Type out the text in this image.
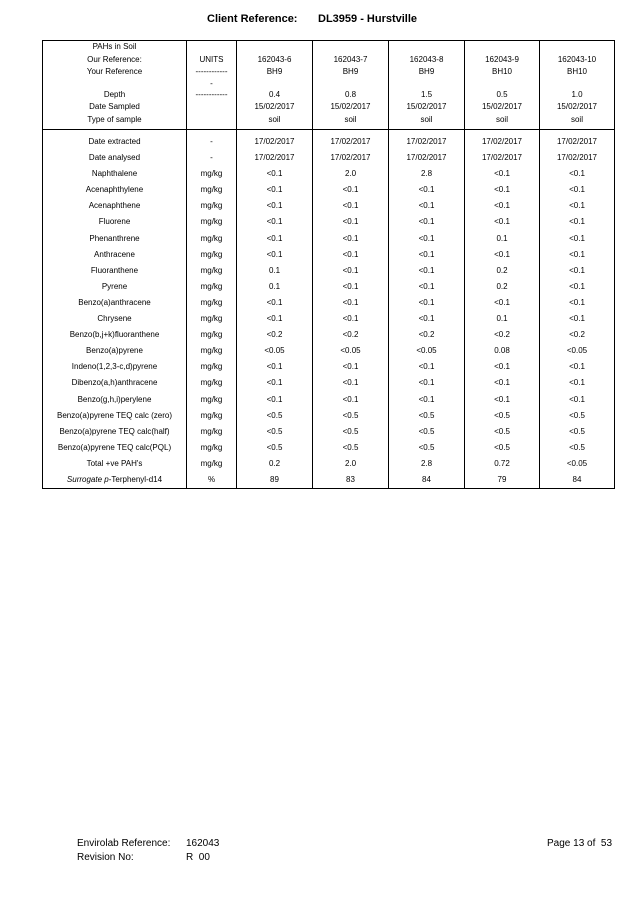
Client Reference: DL3959 - Hurstville
PAHs in Soil						
Our Reference:	UNITS	162043-6	162043-7	162043-8	162043-9	162043-10
Your Reference	------------	BH9	BH9	BH9	BH10	BH10
	-					
Depth	------------	0.4	0.8	1.5	0.5	1.0
Date Sampled		15/02/2017	15/02/2017	15/02/2017	15/02/2017	15/02/2017
Type of sample		soil	soil	soil	soil	soil

Date extracted	-	17/02/2017	17/02/2017	17/02/2017	17/02/2017	17/02/2017
Date analysed	-	17/02/2017	17/02/2017	17/02/2017	17/02/2017	17/02/2017
Naphthalene	mg/kg	<0.1	2.0	2.8	<0.1	<0.1
Acenaphthylene	mg/kg	<0.1	<0.1	<0.1	<0.1	<0.1
Acenaphthene	mg/kg	<0.1	<0.1	<0.1	<0.1	<0.1
Fluorene	mg/kg	<0.1	<0.1	<0.1	<0.1	<0.1
Phenanthrene	mg/kg	<0.1	<0.1	<0.1	0.1	<0.1
Anthracene	mg/kg	<0.1	<0.1	<0.1	<0.1	<0.1
Fluoranthene	mg/kg	0.1	<0.1	<0.1	0.2	<0.1
Pyrene	mg/kg	0.1	<0.1	<0.1	0.2	<0.1
Benzo(a)anthracene	mg/kg	<0.1	<0.1	<0.1	<0.1	<0.1
Chrysene	mg/kg	<0.1	<0.1	<0.1	0.1	<0.1
Benzo(b,j+k)fluoranthene	mg/kg	<0.2	<0.2	<0.2	<0.2	<0.2
Benzo(a)pyrene	mg/kg	<0.05	<0.05	<0.05	0.08	<0.05
Indeno(1,2,3-c,d)pyrene	mg/kg	<0.1	<0.1	<0.1	<0.1	<0.1
Dibenzo(a,h)anthracene	mg/kg	<0.1	<0.1	<0.1	<0.1	<0.1
Benzo(g,h,i)perylene	mg/kg	<0.1	<0.1	<0.1	<0.1	<0.1
Benzo(a)pyrene TEQ calc (zero)	mg/kg	<0.5	<0.5	<0.5	<0.5	<0.5
Benzo(a)pyrene TEQ calc(half)	mg/kg	<0.5	<0.5	<0.5	<0.5	<0.5
Benzo(a)pyrene TEQ calc(PQL)	mg/kg	<0.5	<0.5	<0.5	<0.5	<0.5
Total +ve PAH's	mg/kg	0.2	2.0	2.8	0.72	<0.05
Surrogate p-Terphenyl-d14	%	89	83	84	79	84
Envirolab Reference: 162043
Revision No:	R  00
Page 13 of  53
